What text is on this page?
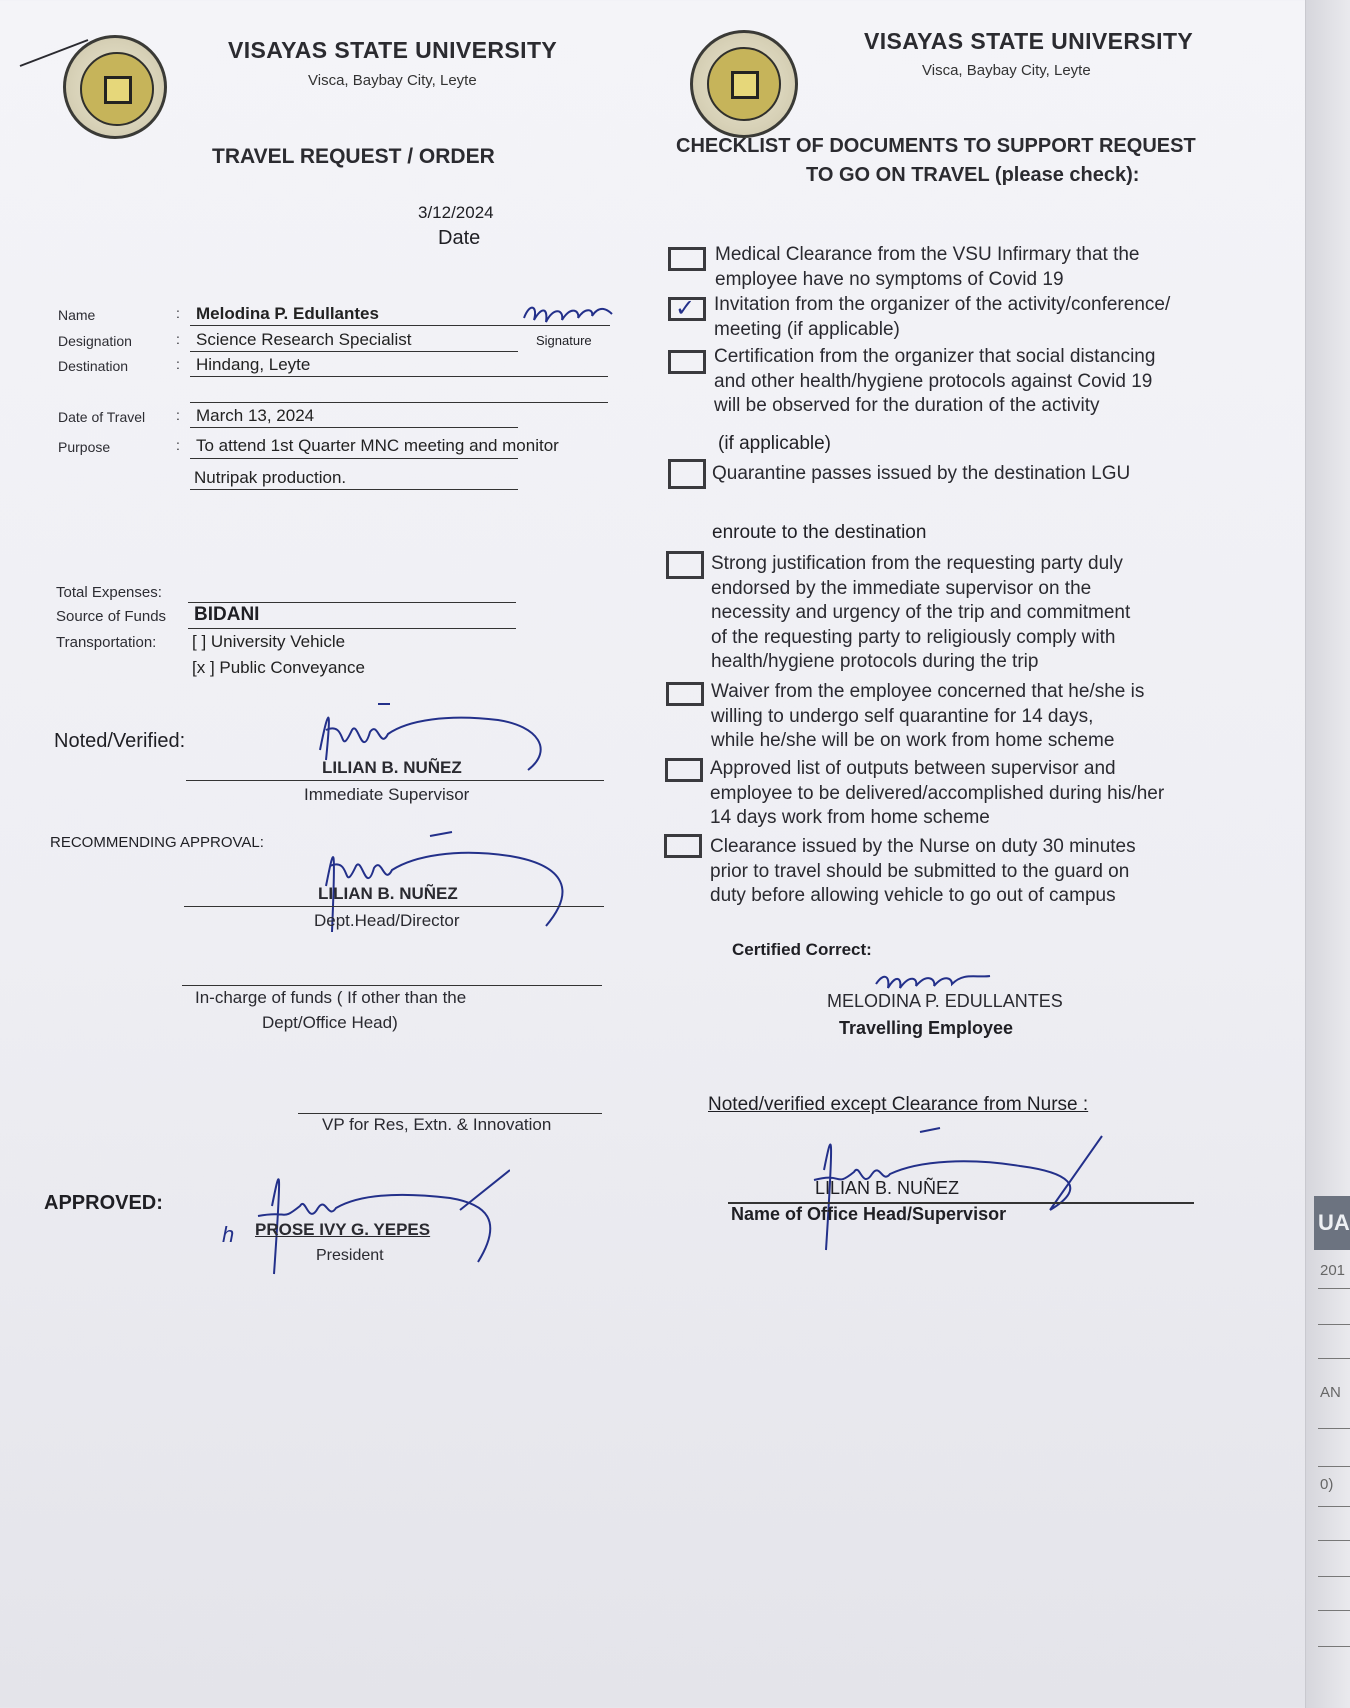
VISAYAS STATE UNIVERSITY
Visca, Baybay City, Leyte
TRAVEL REQUEST / ORDER
3/12/2024
Date
Name	: Melodina P. Edullantes
Signature
Designation	: Science Research Specialist
Destination	: Hindang, Leyte
Date of Travel : March 13, 2024
Purpose	: To attend 1st Quarter MNC meeting and monitor
Nutripak production.
Total Expenses:
Source of Funds BIDANI
Transportation: [ ] University Vehicle
[x ] Public Conveyance
Noted/Verified:
LILIAN B. NUÑEZ
Immediate Supervisor
RECOMMENDING APPROVAL:
LILIAN B. NUÑEZ
Dept.Head/Director
In-charge of funds ( If other than the
Dept/Office Head)
VP for Res, Extn. & Innovation
APPROVED:
h PROSE IVY G. YEPES
President
VISAYAS STATE UNIVERSITY
Visca, Baybay City, Leyte
CHECKLIST OF DOCUMENTS TO SUPPORT REQUEST
TO GO ON TRAVEL (please check):
Medical Clearance from the VSU Infirmary that the
employee have no symptoms of Covid 19
✓ Invitation from the organizer of the activity/conference/
meeting (if applicable)
Certification from the organizer that social distancing
and other health/hygiene protocols against Covid 19
will be observed for the duration of the activity
(if applicable)
Quarantine passes issued by the destination LGU
enroute to the destination
Strong justification from the requesting party duly
endorsed by the immediate supervisor on the
necessity and urgency of the trip and commitment
of the requesting party to religiously comply with
health/hygiene protocols during the trip
Waiver from the employee concerned that he/she is
willing to undergo self quarantine for 14 days,
while he/she will be on work from home scheme
Approved list of outputs between supervisor and
employee to be delivered/accomplished during his/her
14 days work from home scheme
Clearance issued by the Nurse on duty 30 minutes
prior to travel should be submitted to the guard on
duty before allowing vehicle to go out of campus
Certified Correct:
MELODINA P. EDULLANTES
Travelling Employee
Noted/verified except Clearance from Nurse :
LILIAN B. NUÑEZ
Name of Office Head/Supervisor	UA
201
AN
0)
